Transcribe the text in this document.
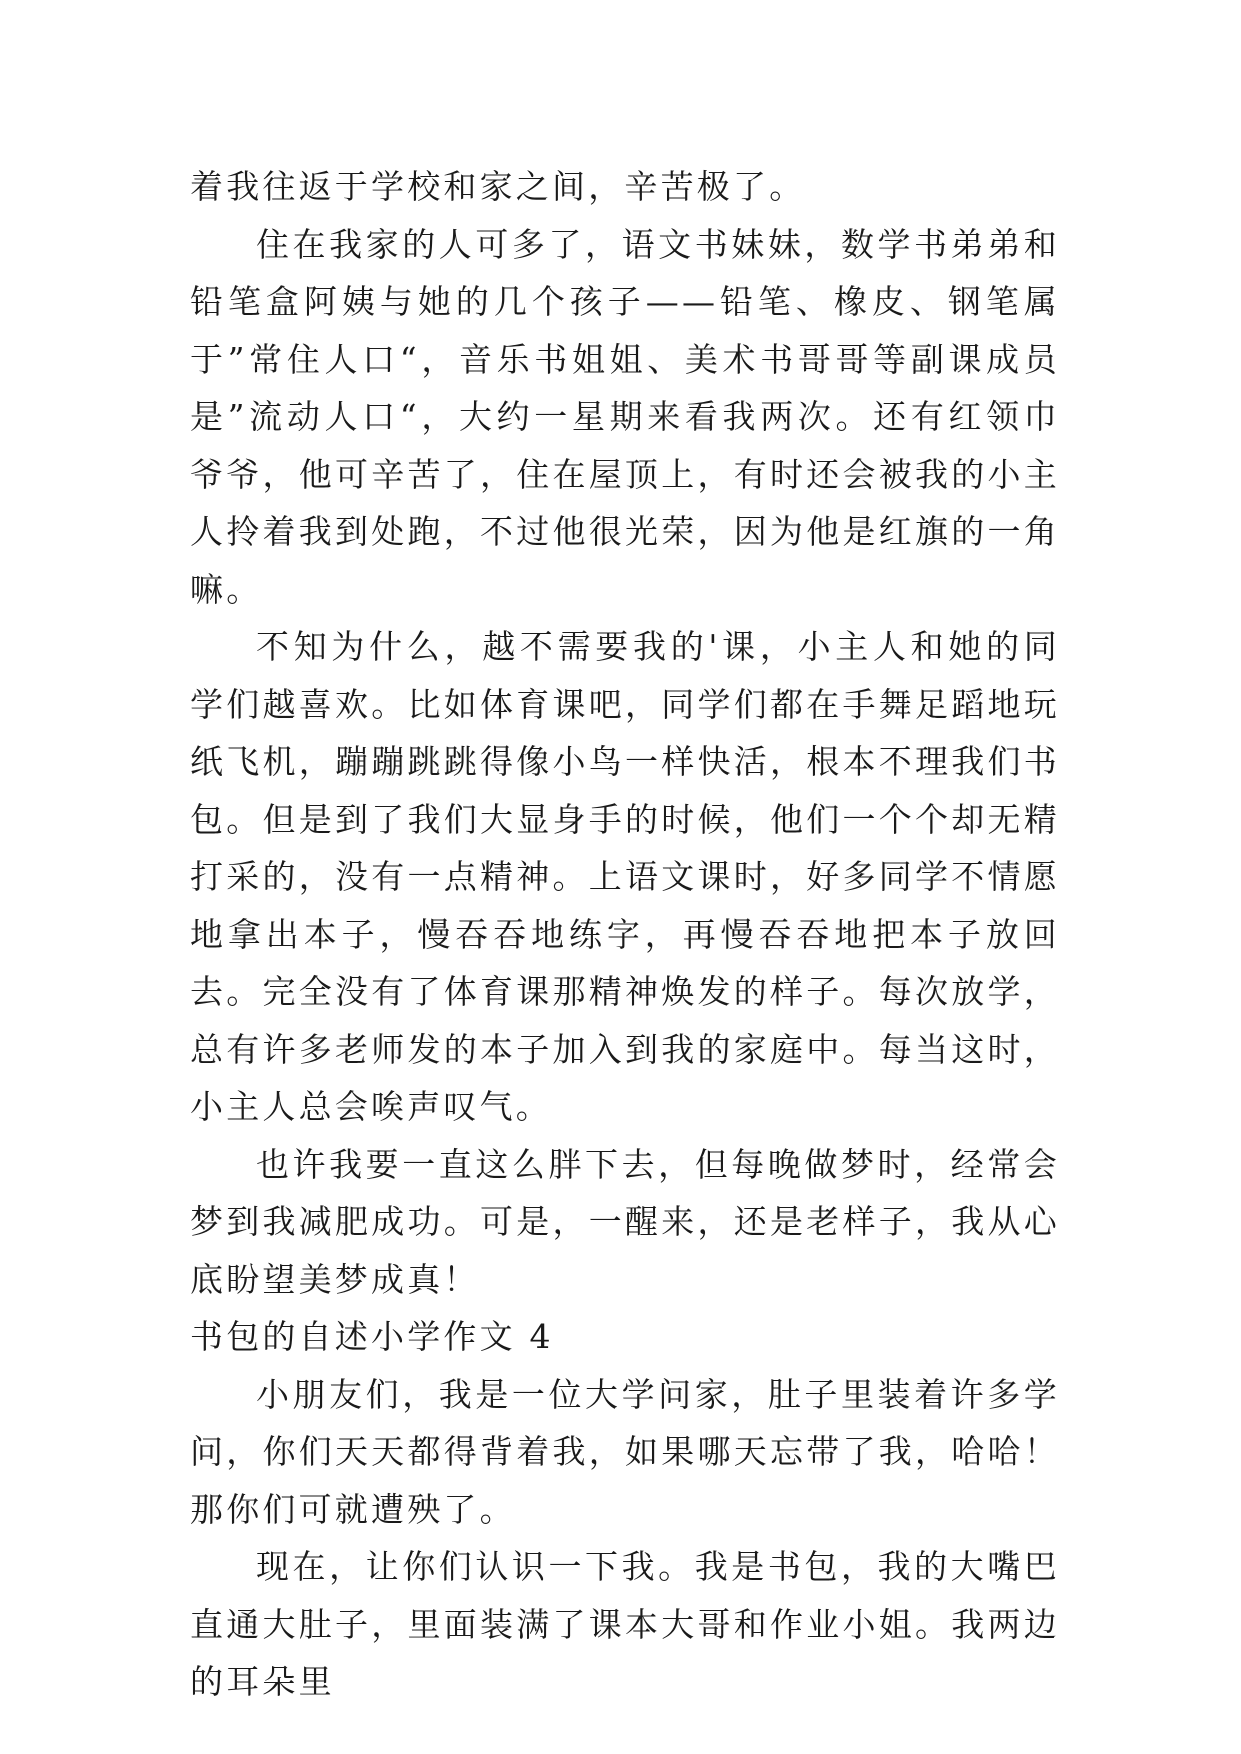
着我往返于学校和家之间，辛苦极了。

住在我家的人可多了，语文书妹妹，数学书弟弟和铅笔盒阿姨与她的几个孩子——铅笔、橡皮、钢笔属于”常住人口“，音乐书姐姐、美术书哥哥等副课成员是”流动人口“，大约一星期来看我两次。还有红领巾爷爷，他可辛苦了，住在屋顶上，有时还会被我的小主人拎着我到处跑，不过他很光荣，因为他是红旗的一角嘛。

不知为什么，越不需要我的'课，小主人和她的同学们越喜欢。比如体育课吧，同学们都在手舞足蹈地玩纸飞机，蹦蹦跳跳得像小鸟一样快活，根本不理我们书包。但是到了我们大显身手的时候，他们一个个却无精打采的，没有一点精神。上语文课时，好多同学不情愿地拿出本子，慢吞吞地练字，再慢吞吞地把本子放回去。完全没有了体育课那精神焕发的样子。每次放学，总有许多老师发的本子加入到我的家庭中。每当这时，小主人总会唉声叹气。

也许我要一直这么胖下去，但每晚做梦时，经常会梦到我减肥成功。可是，一醒来，还是老样子，我从心底盼望美梦成真！

书包的自述小学作文 4

小朋友们，我是一位大学问家，肚子里装着许多学问，你们天天都得背着我，如果哪天忘带了我，哈哈！那你们可就遭殃了。

现在，让你们认识一下我。我是书包，我的大嘴巴直通大肚子，里面装满了课本大哥和作业小姐。我两边的耳朵里
